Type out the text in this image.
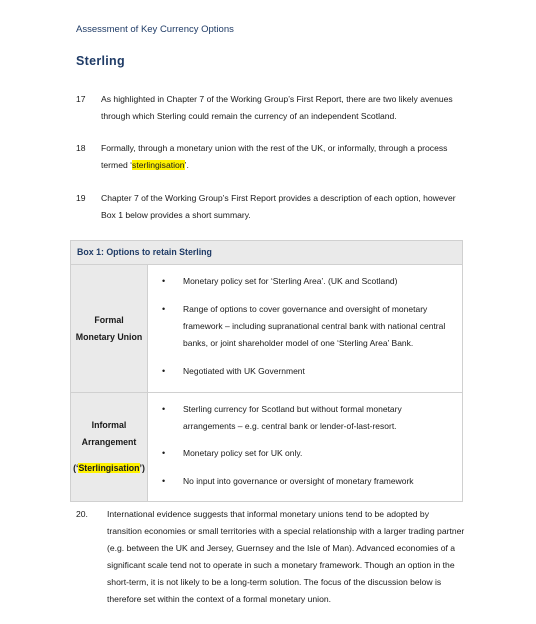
Assessment of Key Currency Options
Sterling
17	As highlighted in Chapter 7 of the Working Group’s First Report, there are two likely avenues through which Sterling could remain the currency of an independent Scotland.
18	Formally, through a monetary union with the rest of the UK, or informally, through a process termed ‘sterlingisation’.
19	Chapter 7 of the Working Group’s First Report provides a description of each option, however Box 1 below provides a short summary.
Box 1: Options to retain Sterling
Formal
Monetary Union
• Monetary policy set for ‘Sterling Area’. (UK and Scotland)
• Range of options to cover governance and oversight of monetary framework – including supranational central bank with national central banks, or joint shareholder model of one ‘Sterling Area’ Bank.
• Negotiated with UK Government
Informal
Arrangement
(‘Sterlingisation’)
• Sterling currency for Scotland but without formal monetary arrangements – e.g. central bank or lender-of-last-resort.
• Monetary policy set for UK only.
• No input into governance or oversight of monetary framework
20.	International evidence suggests that informal monetary unions tend to be adopted by transition economies or small territories with a special relationship with a larger trading partner (e.g. between the UK and Jersey, Guernsey and the Isle of Man). Advanced economies of a significant scale tend not to operate in such a monetary framework. Though an option in the short-term, it is not likely to be a long-term solution. The focus of the discussion below is therefore set within the context of a formal monetary union.
